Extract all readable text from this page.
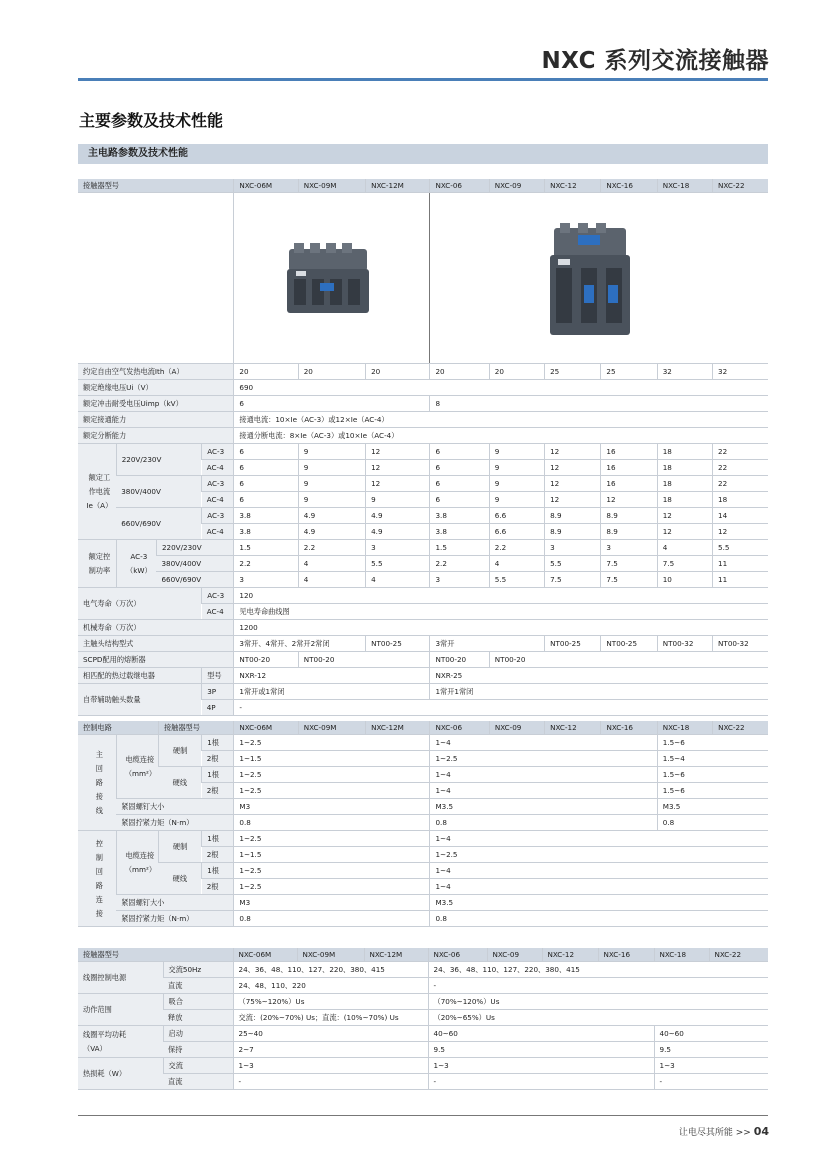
NXC 系列交流接触器
主要参数及技术性能
主电路参数及技术性能
接触器型号				NXC-06M	NXC-09M	NXC-12M	NXC-06	NXC-09	NXC-12	NXC-16	NXC-18	NXC-22

约定自由空气发热电流Ith（A）				20	20	20	20	20	25	25	32	32
额定绝缘电压Ui（V）				690								
额定冲击耐受电压Uimp（kV）				6			8					
额定接通能力				接通电流：10×Ie（AC-3）或12×Ie（AC-4）								
额定分断能力				接通分断电流：8×Ie（AC-3）或10×Ie（AC-4）								

额定工作电流Ie（A）	220V/230V		AC-3	6	9	12	6	9	12	16	18	22
			AC-4	6	9	12	6	9	12	16	18	22
	380V/400V		AC-3	6	9	12	6	9	12	16	18	22
			AC-4	6	9	9	6	9	12	12	18	18
	660V/690V		AC-3	3.8	4.9	4.9	3.8	6.6	8.9	8.9	12	14
			AC-4	3.8	4.9	4.9	3.8	6.6	8.9	8.9	12	12

额定控制功率	AC-3（kW）	220V/230V		1.5	2.2	3	1.5	2.2	3	3	4	5.5
		380V/400V		2.2	4	5.5	2.2	4	5.5	7.5	7.5	11
		660V/690V		3	4	4	3	5.5	7.5	7.5	10	11
电气寿命（万次）			AC-3	120								
			AC-4	见电寿命曲线图								
机械寿命（万次）				1200								
主触头结构型式				3常开、4常开、2常开2常闭		NT00-25	3常开		NT00-25	NT00-25	NT00-32	NT00-32
SCPD配用的熔断器				NT00-20	NT00-20		NT00-20	NT00-20				
相匹配的热过载继电器			型号	NXR-12			NXR-25					
自带辅助触头数量			3P	1常开或1常闭			1常开1常闭					
			4P	-								
控制电路		接触器型号		NXC-06M	NXC-09M	NXC-12M	NXC-06	NXC-09	NXC-12	NXC-16	NXC-18	NXC-22

主回路接线	电缆连接（mm²）	硬制	1根	1~2.5			1~4				1.5~6	
			2根	1~1.5			1~2.5				1.5~4	
		硬线	1根	1~2.5			1~4				1.5~6	
			2根	1~2.5			1~4				1.5~6	
	紧固螺钉大小			M3			M3.5				M3.5	
	紧固拧紧力矩（N·m）			0.8			0.8				0.8	

控制回路连接	电缆连接（mm²）	硬制	1根	1~2.5			1~4					
			2根	1~1.5			1~2.5					
		硬线	1根	1~2.5			1~4					
			2根	1~2.5			1~4					
	紧固螺钉大小			M3			M3.5					
	紧固拧紧力矩（N·m）			0.8			0.8					
接触器型号		NXC-06M	NXC-09M	NXC-12M	NXC-06	NXC-09	NXC-12	NXC-16	NXC-18	NXC-22
线圈控制电源	交流50Hz	24、36、48、110、127、220、380、415			24、36、48、110、127、220、380、415					
	直流	24、48、110、220			-					
动作范围	吸合	（75%~120%）Us			（70%~120%）Us					
	释放	交流：(20%~70%) Us；直流：(10%~70%) Us			（20%~65%）Us					

线圈平均功耗（VA）	启动	25~40			40~60				40~60	
	保持	2~7			9.5				9.5	
热损耗（W）	交流	1~3			1~3				1~3	
	直流	-			-				-	
让电尽其所能 >> 04
